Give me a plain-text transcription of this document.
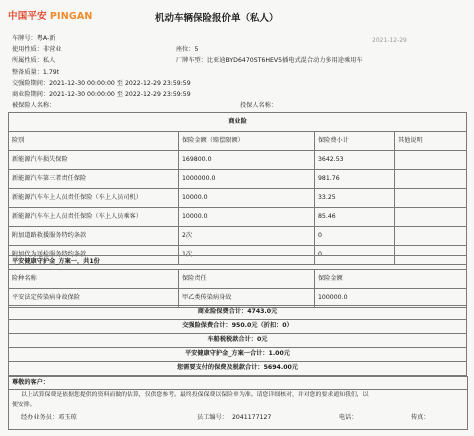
中国平安 PINGAN	机动车辆保险报价单（私人）
2021-12-29
车牌号：粤A-新
使用性质：非营业	座位：5
所属性质：私人	厂牌车型：比亚迪BYD6470ST6HEV5插电式混合动力多用途乘用车
整备质量：1.79t
交强险期间：2021-12-30 00:00:00 至 2022-12-29 23:59:59
商业险期间：2021-12-30 00:00:00 至 2022-12-29 23:59:59
被保险人名称：	投保人名称：
商业险			
险别	保险金额（赔偿限额）	保险费小计	其他说明
新能源汽车损失保险	169800.0	3642.53	
新能源汽车第三者责任保险	1000000.0	981.76	
新能源汽车车上人员责任保险（车上人员司机）	10000.0	33.25	
新能源汽车车上人员责任保险（车上人员乘客）	10000.0	85.46	
附加道路救援服务特约条款	2次	0	
附加代为送检服务特约条款	1次	0	
平安健康守护金_方案一，共1份		
险种名称	保险责任	保险金额
平安法定传染病身故保险	甲乙类传染病身故	100000.0
商业险保费合计：4743.0元
交强险保费合计：950.0元（折扣：0）
车船税税款合计：0元
平安健康守护金_方案一合计：1.00元
您需要支付的保费及税款合计：5694.00元
尊敬的客户：
以上试算保费是依据您提供的资料而做的估算，仅供您参考。最终投保保费以保险单为准。请您详细核对，并对您的要求通知我们，以
便安排。
经办业务员：邓玉琼	员工编号： 2041177127	电话：	传真：
